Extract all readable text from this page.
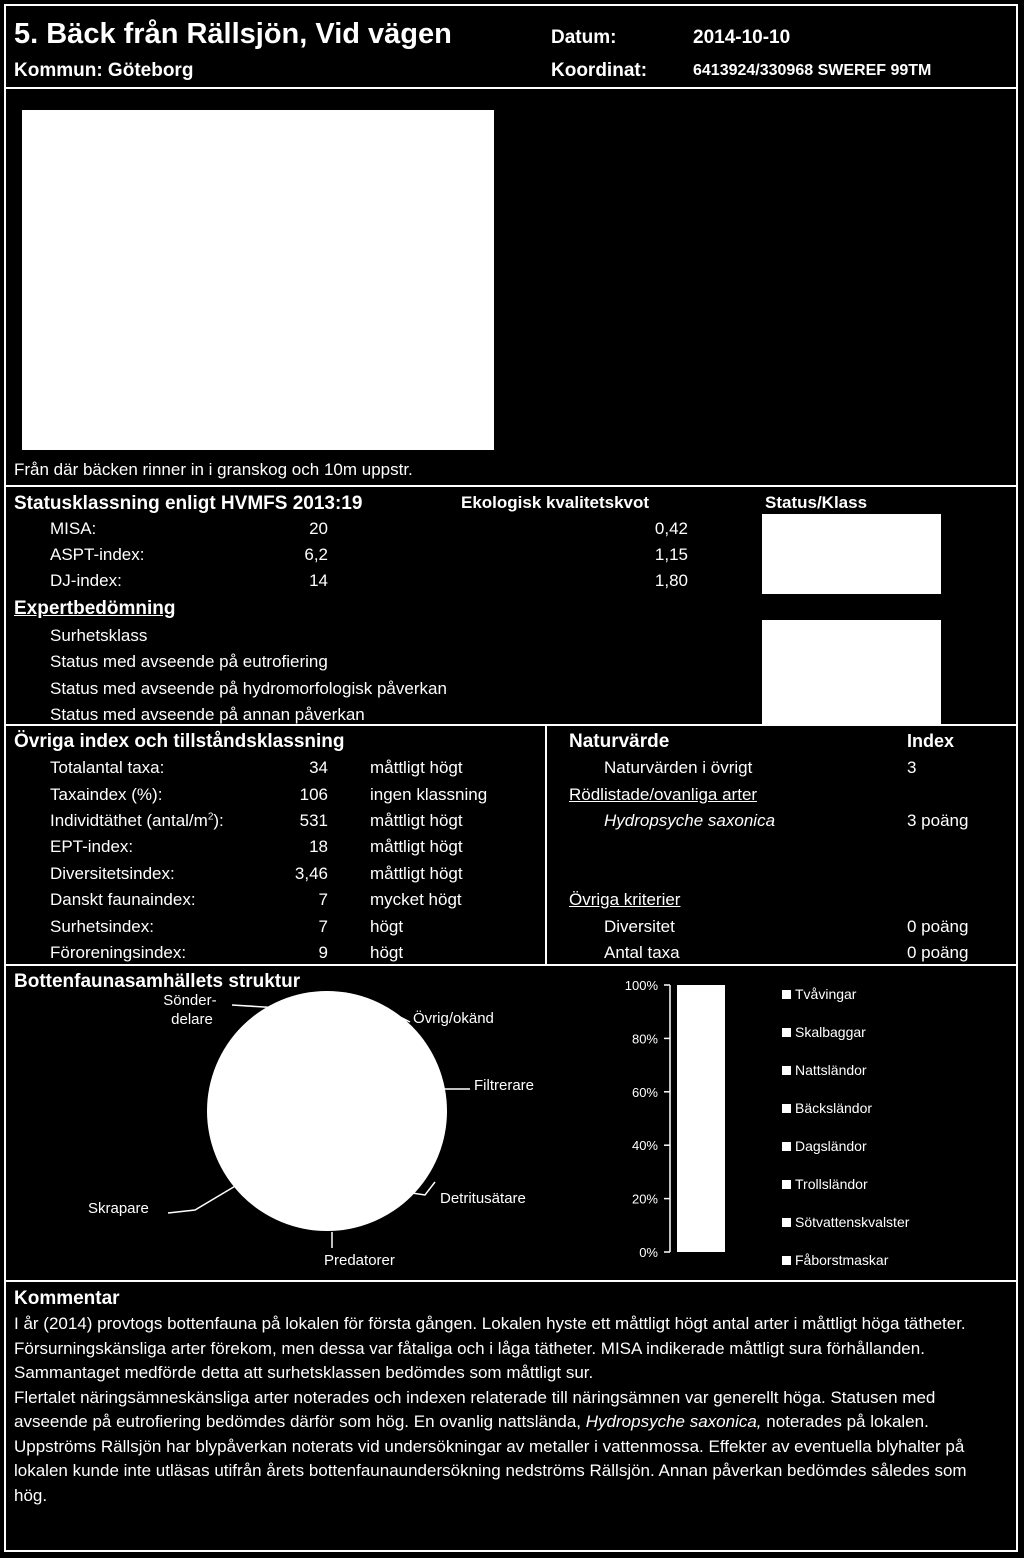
5. Bäck från Rällsjön, Vid vägen
Kommun: Göteborg
Datum:	2014-10-10
Koordinat:	6413924/330968 SWEREF 99TM
Från där bäcken rinner in i granskog och 10m uppstr.
Statusklassning enligt HVMFS 2013:19	Ekologisk kvalitetskvot	Status/Klass
MISA:	20	0,42
ASPT-index:	6,2	1,15
DJ-index:	14	1,80
Expertbedömning
Surhetsklass
Status med avseende på eutrofiering
Status med avseende på hydromorfologisk påverkan
Status med avseende på annan påverkan
Övriga index och tillståndsklassning
Totalantal taxa:	34 måttligt högt
Taxaindex (%):	106 ingen klassning
Individtäthet $(antal/m^2)$:	531 måttligt högt
EPT-index:	18 måttligt högt
Diversitetsindex:	3,46 måttligt högt
Danskt faunaindex:	7 mycket högt
Surhetsindex:	7 högt
Föroreningsindex:	9 högt
Naturvärde	Index
Naturvärden i övrigt	3
Rödlistade/ovanliga arter
Hydropsyche saxonica	3 poäng
Övriga kriterier
Diversitet	0 poäng
Antal taxa	0 poäng
Bottenfaunasamhällets struktur
Sönder- delare	Övrig/okänd
Filtrerare
Detritusätare
Predatorer
Skrapare
0%
20%
40%
60%
80%
100%
Tvåvingar
Skalbaggar
Nattsländor
Bäcksländor
Dagsländor
Trollsländor
Sötvattenskvalster
Fåborstmaskar
Kommentar

I år (2014) provtogs bottenfauna på lokalen för första gången. Lokalen hyste ett måttligt högt antal arter i måttligt höga tätheter. Försurningskänsliga arter förekom, men dessa var fåtaliga och i låga tätheter. MISA indikerade måttligt sura förhållanden. Sammantaget medförde detta att surhetsklassen bedömdes som måttligt sur.

Flertalet näringsämneskänsliga arter noterades och indexen relaterade till näringsämnen var generellt höga. Statusen med avseende på eutrofiering bedömdes därför som hög. En ovanlig nattslända, Hydropsyche saxonica, noterades på lokalen. Uppströms Rällsjön har blypåverkan noterats vid undersökningar av metaller i vattenmossa. Effekter av eventuella blyhalter på lokalen kunde inte utläsas utifrån årets bottenfaunaundersökning nedströms Rällsjön. Annan påverkan bedömdes således som hög.
